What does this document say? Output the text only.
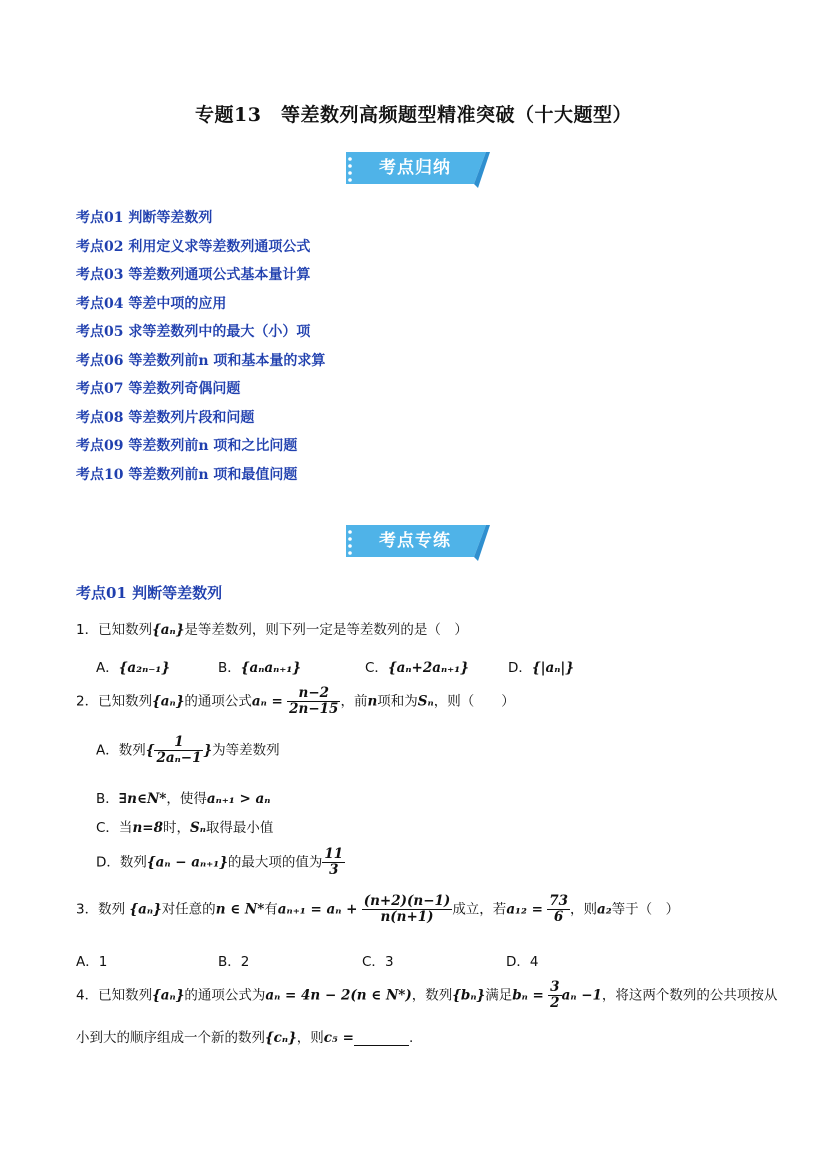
专题13　等差数列高频题型精准突破（十大题型）
考点归纳
考点01 判断等差数列
考点02 利用定义求等差数列通项公式
考点03 等差数列通项公式基本量计算
考点04 等差中项的应用
考点05 求等差数列中的最大（小）项
考点06 等差数列前n 项和基本量的求算
考点07 等差数列奇偶问题
考点08 等差数列片段和问题
考点09 等差数列前n 项和之比问题
考点10 等差数列前n 项和最值问题
考点专练
考点01 判断等差数列
1．已知数列{aₙ}是等差数列，则下列一定是等差数列的是（　）
A．{a₂ₙ₋₁}	B．{aₙaₙ₊₁}	C．{aₙ+2aₙ₊₁}	D．{|aₙ|}
2．已知数列{aₙ}的通项公式$a_n = \frac{n-2}{2n-15}$ ，前n项和为Sₙ，则（　　）
A．数列{ $\frac{1}{\text{2aₙ−1}}$ }为等差数列
B．∃n∈N*，使得aₙ₊₁ > aₙ
C．当n=8时，Sₙ取得最小值
D．数列{aₙ − aₙ₊₁}的最大项的值为 $\frac{11}{3}$
3．数列 {aₙ}对任意的n ∈ N*有$a_{n+1} = a_n + \frac{(n+2)(n-1)}{n(n+1)}$ 成立，若$a_{12} = \frac{73}{6}$ ，则a₂等于（　）
A．1	B．2	C．3	D．4
4．已知数列{aₙ}的通项公式为aₙ = 4n − 2(n ∈ N*)，数列{bₙ}满足$b_n = \frac{3}{2}$ aₙ −1，将这两个数列的公共项按从
小到大的顺序组成一个新的数列{cₙ}，则c₅ =	.
